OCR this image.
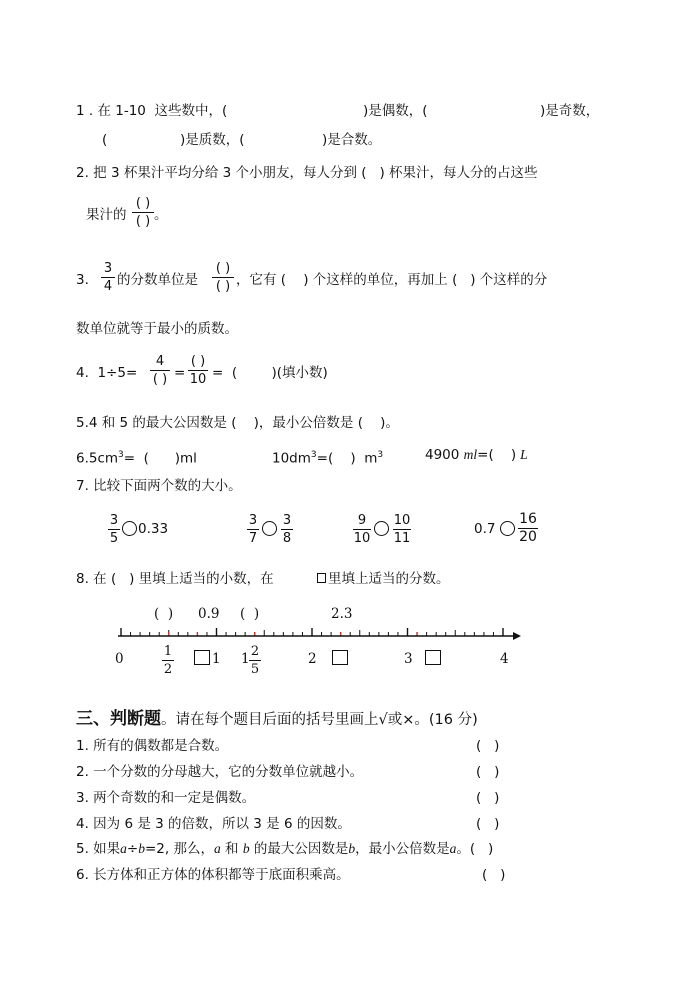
1 . 在 1-10  这些数中，(	)是偶数，(	)是奇数，
(	)是质数，(	)是合数。
2. 把 3 杯果汁平均分给 3 个小朋友，每人分到 (   ) 杯果汁，每人分的占这些
果汁的
( )
( ) 。
3.
3
4 的分数单位是
( )
( ) ，它有 (    ) 个这样的单位，再加上 (   ) 个这样的分
数单位就等于最小的质数。
4.  1÷5=
4
( ) =
( )
10 =  (        )(填小数)
5.4 和 5 的最大公因数是 (    )，最小公倍数是 (    )。
$6.5cm^3=$  (      )ml	$10dm^3=$(    )  $m^3$	4900 ml=(    ) L
7. 比较下面两个数的大小。
3
5
0.33
3
7
3
8
9
10
10
11
0.7
16
20
8. 在 (   ) 里填上适当的小数，在	里填上适当的分数。
(  ) 0.9 (  )	2.3
0	1
2
1 1 2
5
2	3	4
三、判断题。请在每个题目后面的括号里画上√或×。(16 分)
1. 所有的偶数都是合数。	(   )
2. 一个分数的分母越大，它的分数单位就越小。	(   )
3. 两个奇数的和一定是偶数。	(   )
4. 因为 6 是 3 的倍数，所以 3 是 6 的因数。	(   )
5. 如果a÷b=2, 那么，a 和 b 的最大公因数是b，最小公倍数是a。(   )
6. 长方体和正方体的体积都等于底面积乘高。	(   )
